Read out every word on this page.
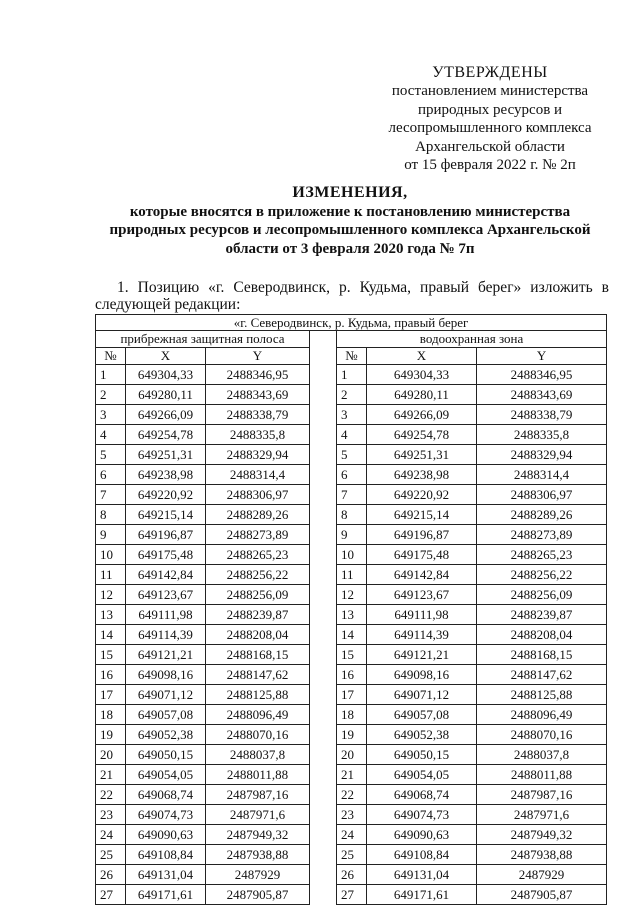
УТВЕРЖДЕНЫ
постановлением министерства
природных ресурсов и
лесопромышленного комплекса
Архангельской области
от 15 февраля 2022 г. № 2п
ИЗМЕНЕНИЯ,
которые вносятся в приложение к постановлению министерства
природных ресурсов и лесопромышленного комплекса Архангельской
области от 3 февраля 2020 года № 7п
1. Позицию «г. Северодвинск, р. Кудьма, правый берег» изложить в
следующей редакции:
«г. Северодвинск, р. Кудьма, правый берег						
прибрежная защитная полоса				водоохранная зона		
№	X	Y		№	X	Y
1	649304,33	2488346,95		1	649304,33	2488346,95
2	649280,11	2488343,69		2	649280,11	2488343,69
3	649266,09	2488338,79		3	649266,09	2488338,79
4	649254,78	2488335,8		4	649254,78	2488335,8
5	649251,31	2488329,94		5	649251,31	2488329,94
6	649238,98	2488314,4		6	649238,98	2488314,4
7	649220,92	2488306,97		7	649220,92	2488306,97
8	649215,14	2488289,26		8	649215,14	2488289,26
9	649196,87	2488273,89		9	649196,87	2488273,89
10	649175,48	2488265,23		10	649175,48	2488265,23
11	649142,84	2488256,22		11	649142,84	2488256,22
12	649123,67	2488256,09		12	649123,67	2488256,09
13	649111,98	2488239,87		13	649111,98	2488239,87
14	649114,39	2488208,04		14	649114,39	2488208,04
15	649121,21	2488168,15		15	649121,21	2488168,15
16	649098,16	2488147,62		16	649098,16	2488147,62
17	649071,12	2488125,88		17	649071,12	2488125,88
18	649057,08	2488096,49		18	649057,08	2488096,49
19	649052,38	2488070,16		19	649052,38	2488070,16
20	649050,15	2488037,8		20	649050,15	2488037,8
21	649054,05	2488011,88		21	649054,05	2488011,88
22	649068,74	2487987,16		22	649068,74	2487987,16
23	649074,73	2487971,6		23	649074,73	2487971,6
24	649090,63	2487949,32		24	649090,63	2487949,32
25	649108,84	2487938,88		25	649108,84	2487938,88
26	649131,04	2487929		26	649131,04	2487929
27	649171,61	2487905,87		27	649171,61	2487905,87
